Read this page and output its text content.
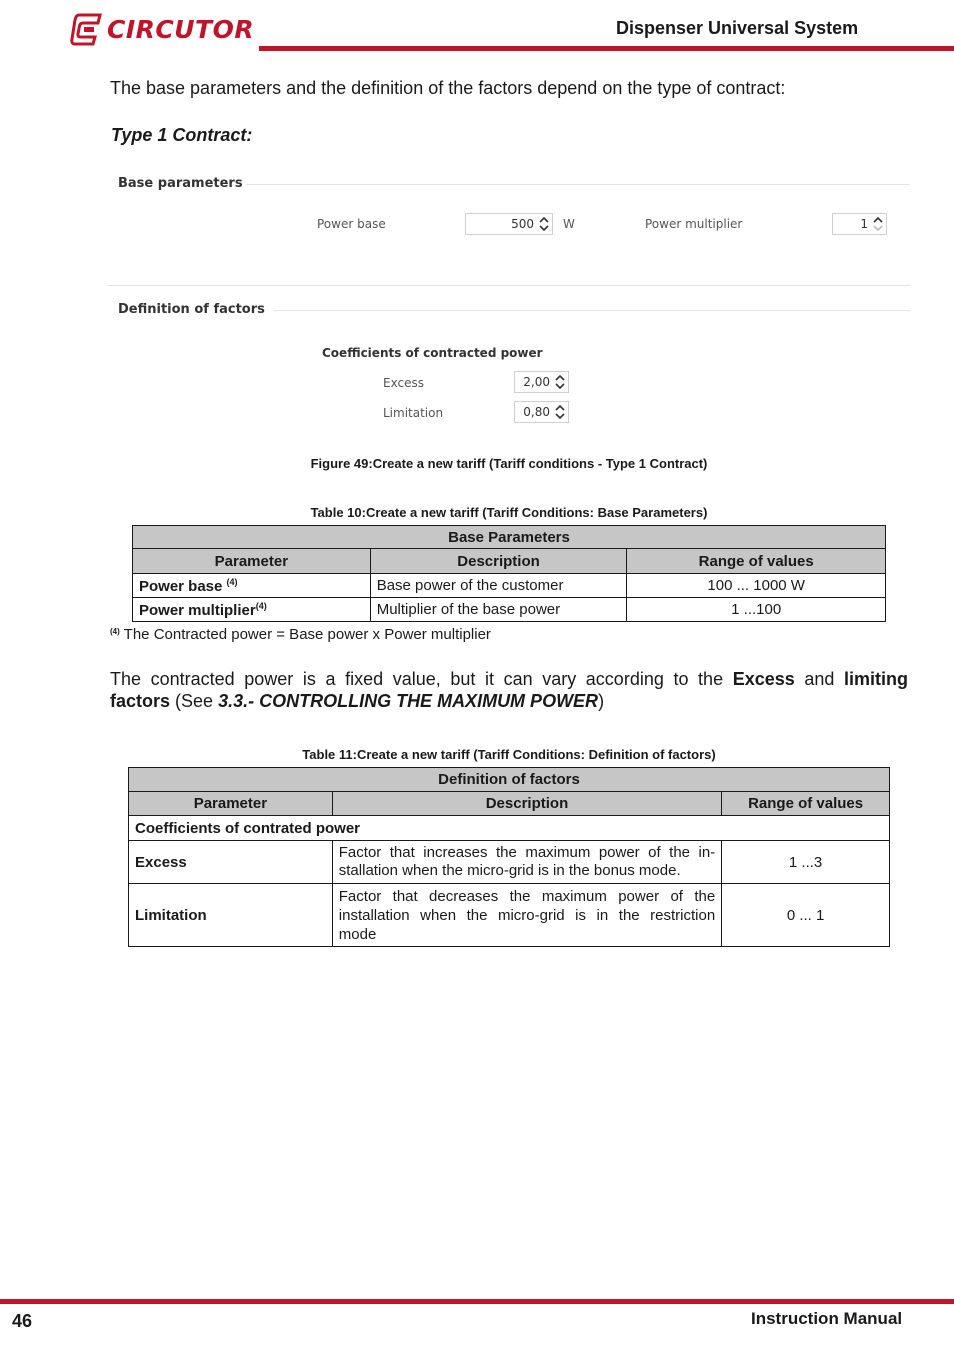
CIRCUTOR	Dispenser Universal System
The base parameters and the definition of the factors depend on the type of contract:
Type 1 Contract:
Base parameters
Power base	500 W	Power multiplier	1
Definition of factors
Coefficients of contracted power
Excess	2,00
Limitation	0,80
Figure 49:Create a new tariff (Tariff conditions - Type 1 Contract)
Table 10:Create a new tariff (Tariff Conditions: Base Parameters)
Base Parameters		
Parameter	Description	Range of values
Power base $^{(4)}$	Base power of the customer	100 ... 1000 W
Power multiplier$^{(4)}$	Multiplier of the base power	1 ...100
$^{(4)}$ The Contracted power = Base power x Power multiplier
The contracted power is a fixed value, but it can vary according to the Excess and limiting
factors (See 3.3.- CONTROLLING THE MAXIMUM POWER)
Table 11:Create a new tariff (Tariff Conditions: Definition of factors)
Definition of factors		
Parameter	Description	Range of values
Coefficients of contrated power		
Excess	Factor that increases the maximum power of the in-
stallation when the micro-grid is in the bonus mode.	1 ...3
Limitation	Factor that decreases the maximum power of the
installation when the micro-grid is in the restriction
mode	0 ... 1
46	Instruction Manual
